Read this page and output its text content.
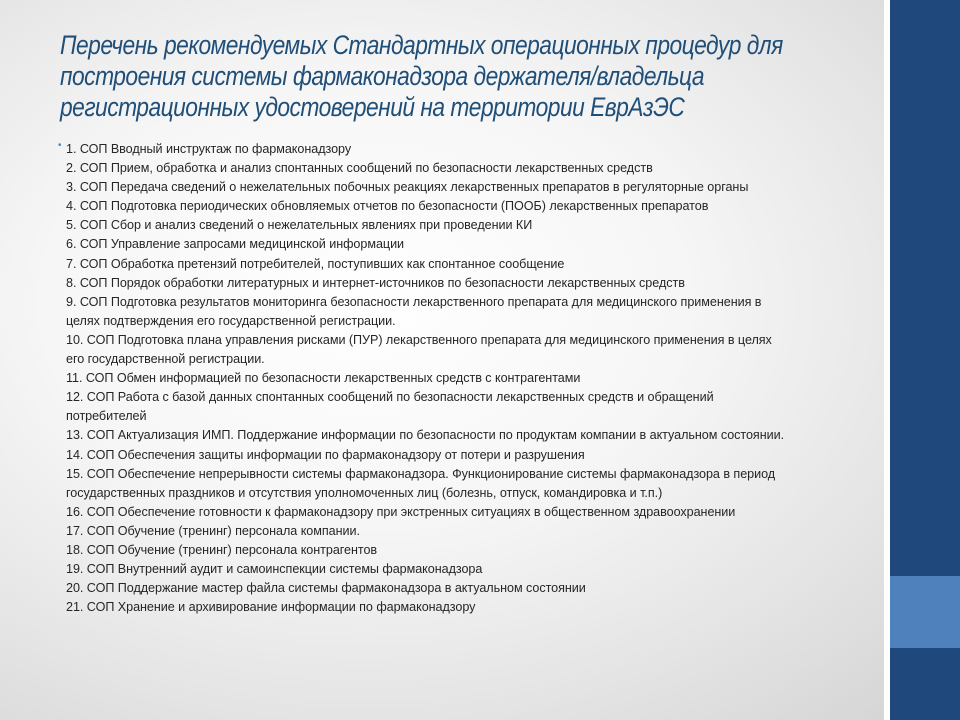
Перечень рекомендуемых Стандартных операционных процедур для построения системы фармаконадзора держателя/владельца регистрационных удостоверений на территории ЕврАзЭС
• 1. СОП Вводный инструктаж по фармаконадзору
2. СОП Прием, обработка и анализ спонтанных сообщений по безопасности лекарственных средств
3. СОП Передача сведений о нежелательных побочных реакциях лекарственных препаратов в регуляторные органы
4. СОП Подготовка периодических обновляемых отчетов по безопасности (ПООБ) лекарственных препаратов
5. СОП Сбор и анализ сведений о нежелательных явлениях при проведении КИ
6. СОП Управление запросами медицинской информации
7. СОП Обработка претензий потребителей, поступивших как спонтанное сообщение
8. СОП Порядок обработки литературных и интернет-источников по безопасности лекарственных средств
9. СОП Подготовка результатов мониторинга безопасности лекарственного препарата для медицинского применения в
целях подтверждения его государственной регистрации.
10. СОП Подготовка плана управления рисками (ПУР) лекарственного препарата для медицинского применения в целях
его государственной регистрации.
11. СОП Обмен информацией по безопасности лекарственных средств с контрагентами
12. СОП Работа с базой данных спонтанных сообщений по безопасности лекарственных средств и обращений
потребителей
13. СОП Актуализация ИМП. Поддержание информации по безопасности по продуктам компании в актуальном состоянии.
14. СОП Обеспечения защиты информации по фармаконадзору от потери и разрушения
15. СОП Обеспечение непрерывности системы фармаконадзора. Функционирование системы фармаконадзора в период
государственных праздников и отсутствия уполномоченных лиц (болезнь, отпуск, командировка и т.п.)
16. СОП Обеспечение готовности к фармаконадзору при экстренных ситуациях в общественном здравоохранении
17. СОП Обучение (тренинг) персонала компании.
18. СОП Обучение (тренинг) персонала контрагентов
19. СОП Внутренний аудит и самоинспекции системы фармаконадзора
20. СОП Поддержание мастер файла системы фармаконадзора в актуальном состоянии
21. СОП Хранение и архивирование информации по фармаконадзору
